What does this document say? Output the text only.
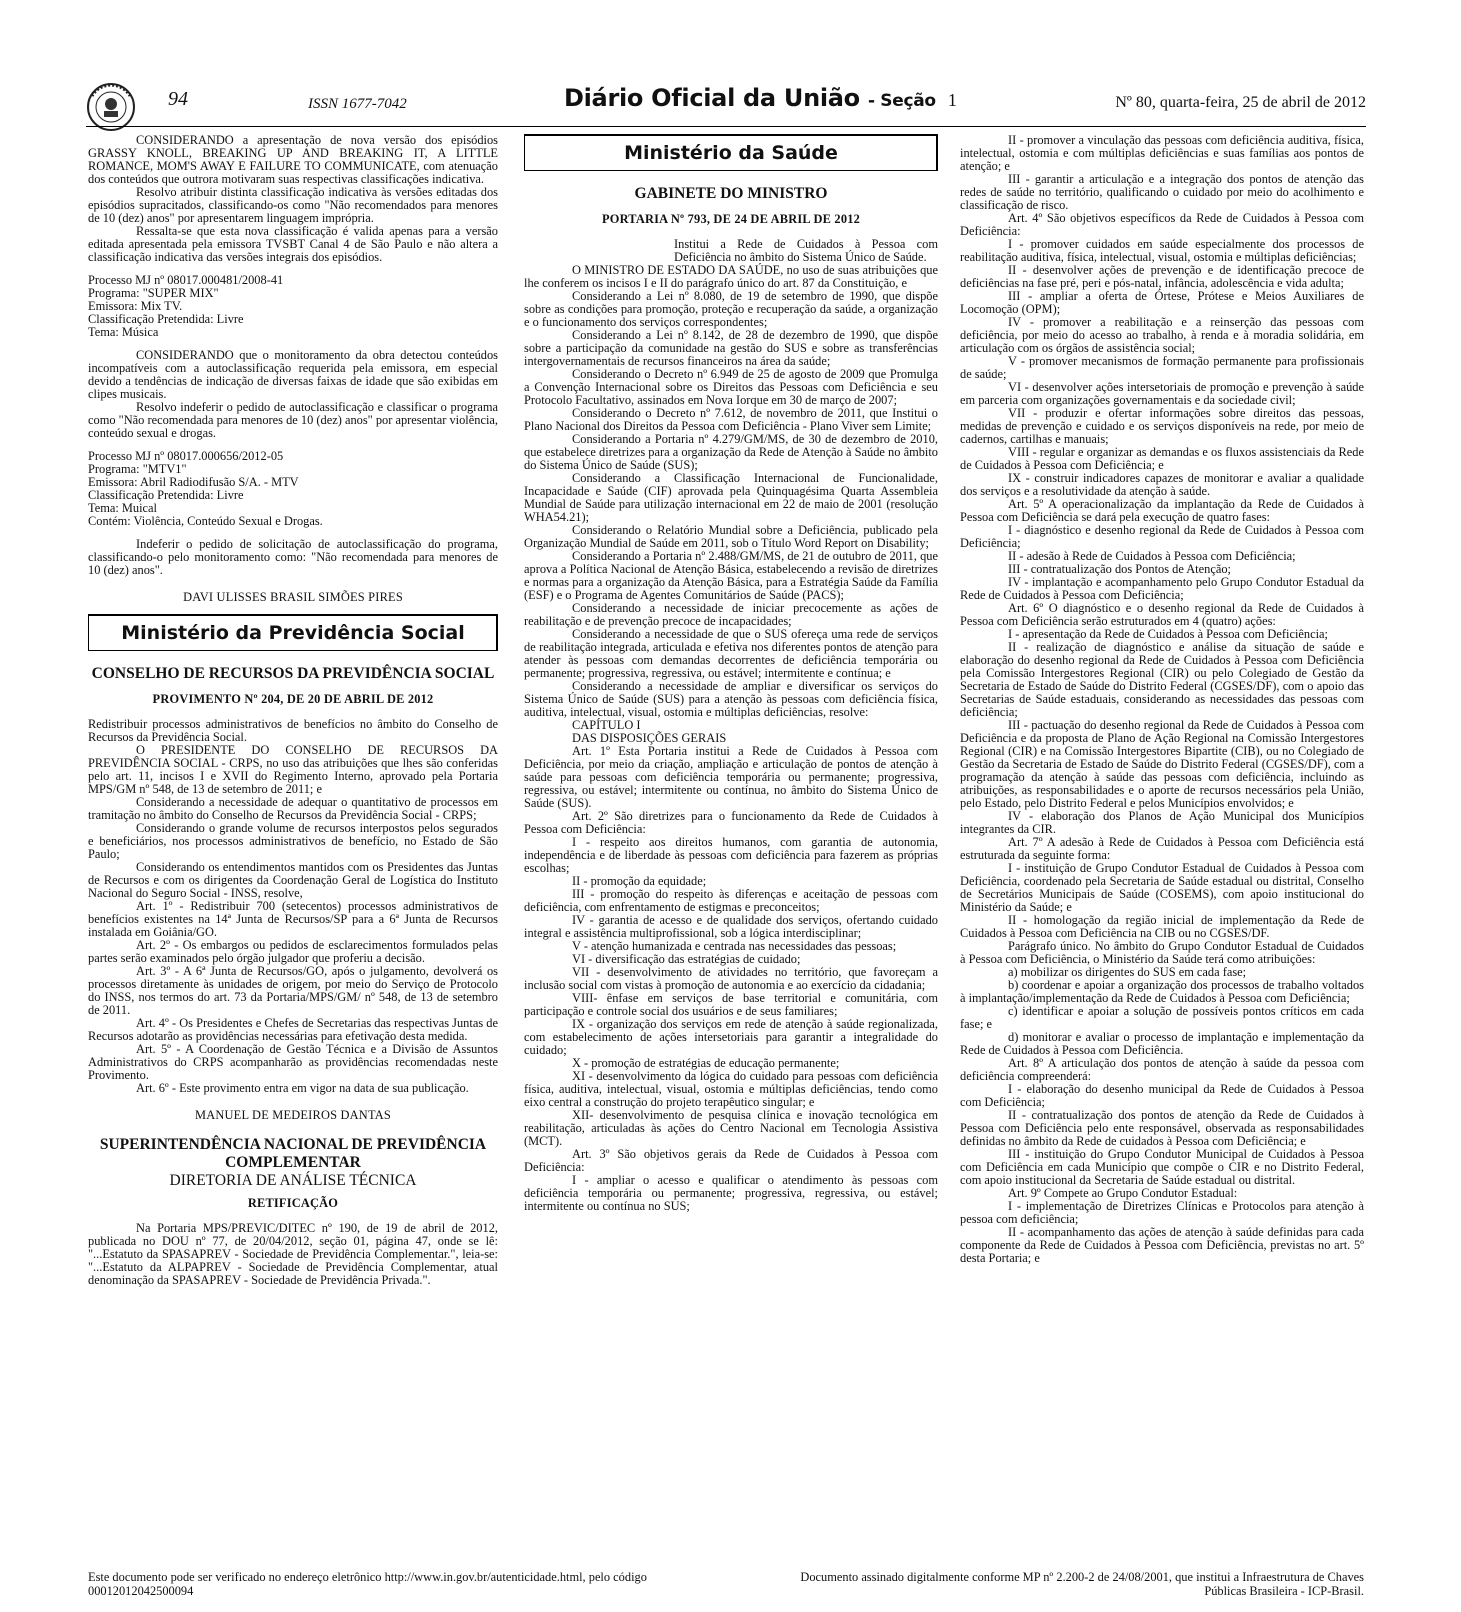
94	ISSN 1677-7042	Diário Oficial da União - Seção 1	Nº 80, quarta-feira, 25 de abril de 2012

CONSIDERANDO a apresentação de nova versão dos episódios GRASSY KNOLL, BREAKING UP AND BREAKING IT, A LITTLE ROMANCE, MOM'S AWAY E FAILURE TO COMMUNICATE, com atenuação dos conteúdos que outrora motivaram suas respectivas classificações indicativa.

Resolvo atribuir distinta classificação indicativa às versões editadas dos episódios supracitados, classificando-os como "Não recomendados para menores de 10 (dez) anos" por apresentarem linguagem imprópria.

Ressalta-se que esta nova classificação é valida apenas para a versão editada apresentada pela emissora TVSBT Canal 4 de São Paulo e não altera a classificação indicativa das versões integrais dos episódios.

Processo MJ nº 08017.000481/2008-41

Programa: "SUPER MIX"

Emissora: Mix TV.

Classificação Pretendida: Livre

Tema: Música

CONSIDERANDO que o monitoramento da obra detectou conteúdos incompatíveis com a autoclassificação requerida pela emissora, em especial devido a tendências de indicação de diversas faixas de idade que são exibidas em clipes musicais.

Resolvo indeferir o pedido de autoclassificação e classificar o programa como "Não recomendada para menores de 10 (dez) anos" por apresentar violência, conteúdo sexual e drogas.

Processo MJ nº 08017.000656/2012-05

Programa: "MTV1"

Emissora: Abril Radiodifusão S/A. - MTV

Classificação Pretendida: Livre

Tema: Muical

Contém: Violência, Conteúdo Sexual e Drogas.

Indeferir o pedido de solicitação de autoclassificação do programa, classificando-o pelo monitoramento como: "Não recomendada para menores de 10 (dez) anos".

DAVI ULISSES BRASIL SIMÕES PIRES
Ministério da Previdência Social
CONSELHO DE RECURSOS DA PREVIDÊNCIA SOCIAL
PROVIMENTO Nº 204, DE 20 DE ABRIL DE 2012

Redistribuir processos administrativos de benefícios no âmbito do Conselho de Recursos da Previdência Social.

O PRESIDENTE DO CONSELHO DE RECURSOS DA PREVIDÊNCIA SOCIAL - CRPS, no uso das atribuições que lhes são conferidas pelo art. 11, incisos I e XVII do Regimento Interno, aprovado pela Portaria MPS/GM nº 548, de 13 de setembro de 2011; e

Considerando a necessidade de adequar o quantitativo de processos em tramitação no âmbito do Conselho de Recursos da Previdência Social - CRPS;

Considerando o grande volume de recursos interpostos pelos segurados e beneficiários, nos processos administrativos de benefício, no Estado de São Paulo;

Considerando os entendimentos mantidos com os Presidentes das Juntas de Recursos e com os dirigentes da Coordenação Geral de Logística do Instituto Nacional do Seguro Social - INSS, resolve,

Art. 1º - Redistribuir 700 (setecentos) processos administrativos de benefícios existentes na 14ª Junta de Recursos/SP para a 6ª Junta de Recursos instalada em Goiânia/GO.

Art. 2º - Os embargos ou pedidos de esclarecimentos formulados pelas partes serão examinados pelo órgão julgador que proferiu a decisão.

Art. 3º - A 6ª Junta de Recursos/GO, após o julgamento, devolverá os processos diretamente às unidades de origem, por meio do Serviço de Protocolo do INSS, nos termos do art. 73 da Portaria/MPS/GM/ nº 548, de 13 de setembro de 2011.

Art. 4º - Os Presidentes e Chefes de Secretarias das respectivas Juntas de Recursos adotarão as providências necessárias para efetivação desta medida.

Art. 5º - A Coordenação de Gestão Técnica e a Divisão de Assuntos Administrativos do CRPS acompanharão as providências recomendadas neste Provimento.

Art. 6º - Este provimento entra em vigor na data de sua publicação.

MANUEL DE MEDEIROS DANTAS
SUPERINTENDÊNCIA NACIONAL DE PREVIDÊNCIA COMPLEMENTAR
DIRETORIA DE ANÁLISE TÉCNICA
RETIFICAÇÃO

Na Portaria MPS/PREVIC/DITEC nº 190, de 19 de abril de 2012, publicada no DOU nº 77, de 20/04/2012, seção 01, página 47, onde se lê: "...Estatuto da SPASAPREV - Sociedade de Previdência Complementar.", leia-se: "...Estatuto da ALPAPREV - Sociedade de Previdência Complementar, atual denominação da SPASAPREV - Sociedade de Previdência Privada.".

Ministério da Saúde
GABINETE DO MINISTRO
PORTARIA Nº 793, DE 24 DE ABRIL DE 2012

Institui a Rede de Cuidados à Pessoa com Deficiência no âmbito do Sistema Único de Saúde.

O MINISTRO DE ESTADO DA SAÚDE, no uso de suas atribuições que lhe conferem os incisos I e II do parágrafo único do art. 87 da Constituição, e

Considerando a Lei nº 8.080, de 19 de setembro de 1990, que dispõe sobre as condições para promoção, proteção e recuperação da saúde, a organização e o funcionamento dos serviços correspondentes;

Considerando a Lei nº 8.142, de 28 de dezembro de 1990, que dispõe sobre a participação da comunidade na gestão do SUS e sobre as transferências intergovernamentais de recursos financeiros na área da saúde;

Considerando o Decreto nº 6.949 de 25 de agosto de 2009 que Promulga a Convenção Internacional sobre os Direitos das Pessoas com Deficiência e seu Protocolo Facultativo, assinados em Nova Iorque em 30 de março de 2007;

Considerando o Decreto nº 7.612, de novembro de 2011, que Institui o Plano Nacional dos Direitos da Pessoa com Deficiência - Plano Viver sem Limite;

Considerando a Portaria nº 4.279/GM/MS, de 30 de dezembro de 2010, que estabelece diretrizes para a organização da Rede de Atenção à Saúde no âmbito do Sistema Único de Saúde (SUS);

Considerando a Classificação Internacional de Funcionalidade, Incapacidade e Saúde (CIF) aprovada pela Quinquagésima Quarta Assembleia Mundial de Saúde para utilização internacional em 22 de maio de 2001 (resolução WHA54.21);

Considerando o Relatório Mundial sobre a Deficiência, publicado pela Organização Mundial de Saúde em 2011, sob o Título Word Report on Disability;

Considerando a Portaria nº 2.488/GM/MS, de 21 de outubro de 2011, que aprova a Política Nacional de Atenção Básica, estabelecendo a revisão de diretrizes e normas para a organização da Atenção Básica, para a Estratégia Saúde da Família (ESF) e o Programa de Agentes Comunitários de Saúde (PACS);

Considerando a necessidade de iniciar precocemente as ações de reabilitação e de prevenção precoce de incapacidades;

Considerando a necessidade de que o SUS ofereça uma rede de serviços de reabilitação integrada, articulada e efetiva nos diferentes pontos de atenção para atender às pessoas com demandas decorrentes de deficiência temporária ou permanente; progressiva, regressiva, ou estável; intermitente e contínua; e

Considerando a necessidade de ampliar e diversificar os serviços do Sistema Único de Saúde (SUS) para a atenção às pessoas com deficiência física, auditiva, intelectual, visual, ostomia e múltiplas deficiências, resolve:

CAPÍTULO I

DAS DISPOSIÇÕES GERAIS

Art. 1º Esta Portaria institui a Rede de Cuidados à Pessoa com Deficiência, por meio da criação, ampliação e articulação de pontos de atenção à saúde para pessoas com deficiência temporária ou permanente; progressiva, regressiva, ou estável; intermitente ou contínua, no âmbito do Sistema Único de Saúde (SUS).

Art. 2º São diretrizes para o funcionamento da Rede de Cuidados à Pessoa com Deficiência:

I - respeito aos direitos humanos, com garantia de autonomia, independência e de liberdade às pessoas com deficiência para fazerem as próprias escolhas;

II - promoção da equidade;

III - promoção do respeito às diferenças e aceitação de pessoas com deficiência, com enfrentamento de estigmas e preconceitos;

IV - garantia de acesso e de qualidade dos serviços, ofertando cuidado integral e assistência multiprofissional, sob a lógica interdisciplinar;

V - atenção humanizada e centrada nas necessidades das pessoas;

VI - diversificação das estratégias de cuidado;

VII - desenvolvimento de atividades no território, que favoreçam a inclusão social com vistas à promoção de autonomia e ao exercício da cidadania;

VIII- ênfase em serviços de base territorial e comunitária, com participação e controle social dos usuários e de seus familiares;

IX - organização dos serviços em rede de atenção à saúde regionalizada, com estabelecimento de ações intersetoriais para garantir a integralidade do cuidado;

X - promoção de estratégias de educação permanente;

XI - desenvolvimento da lógica do cuidado para pessoas com deficiência física, auditiva, intelectual, visual, ostomia e múltiplas deficiências, tendo como eixo central a construção do projeto terapêutico singular; e

XII- desenvolvimento de pesquisa clínica e inovação tecnológica em reabilitação, articuladas às ações do Centro Nacional em Tecnologia Assistiva (MCT).

Art. 3º São objetivos gerais da Rede de Cuidados à Pessoa com Deficiência:

I - ampliar o acesso e qualificar o atendimento às pessoas com deficiência temporária ou permanente; progressiva, regressiva, ou estável; intermitente ou contínua no SUS;

II - promover a vinculação das pessoas com deficiência auditiva, física, intelectual, ostomia e com múltiplas deficiências e suas famílias aos pontos de atenção; e

III - garantir a articulação e a integração dos pontos de atenção das redes de saúde no território, qualificando o cuidado por meio do acolhimento e classificação de risco.

Art. 4º São objetivos específicos da Rede de Cuidados à Pessoa com Deficiência:

I - promover cuidados em saúde especialmente dos processos de reabilitação auditiva, física, intelectual, visual, ostomia e múltiplas deficiências;

II - desenvolver ações de prevenção e de identificação precoce de deficiências na fase pré, peri e pós-natal, infância, adolescência e vida adulta;

III - ampliar a oferta de Órtese, Prótese e Meios Auxiliares de Locomoção (OPM);

IV - promover a reabilitação e a reinserção das pessoas com deficiência, por meio do acesso ao trabalho, à renda e à moradia solidária, em articulação com os órgãos de assistência social;

V - promover mecanismos de formação permanente para profissionais de saúde;

VI - desenvolver ações intersetoriais de promoção e prevenção à saúde em parceria com organizações governamentais e da sociedade civil;

VII - produzir e ofertar informações sobre direitos das pessoas, medidas de prevenção e cuidado e os serviços disponíveis na rede, por meio de cadernos, cartilhas e manuais;

VIII - regular e organizar as demandas e os fluxos assistenciais da Rede de Cuidados à Pessoa com Deficiência; e

IX - construir indicadores capazes de monitorar e avaliar a qualidade dos serviços e a resolutividade da atenção à saúde.

Art. 5º A operacionalização da implantação da Rede de Cuidados à Pessoa com Deficiência se dará pela execução de quatro fases:

I - diagnóstico e desenho regional da Rede de Cuidados à Pessoa com Deficiência;

II - adesão à Rede de Cuidados à Pessoa com Deficiência;

III - contratualização dos Pontos de Atenção;

IV - implantação e acompanhamento pelo Grupo Condutor Estadual da Rede de Cuidados à Pessoa com Deficiência;

Art. 6º O diagnóstico e o desenho regional da Rede de Cuidados à Pessoa com Deficiência serão estruturados em 4 (quatro) ações:

I - apresentação da Rede de Cuidados à Pessoa com Deficiência;

II - realização de diagnóstico e análise da situação de saúde e elaboração do desenho regional da Rede de Cuidados à Pessoa com Deficiência pela Comissão Intergestores Regional (CIR) ou pelo Colegiado de Gestão da Secretaria de Estado de Saúde do Distrito Federal (CGSES/DF), com o apoio das Secretarias de Saúde estaduais, considerando as necessidades das pessoas com deficiência;

III - pactuação do desenho regional da Rede de Cuidados à Pessoa com Deficiência e da proposta de Plano de Ação Regional na Comissão Intergestores Regional (CIR) e na Comissão Intergestores Bipartite (CIB), ou no Colegiado de Gestão da Secretaria de Estado de Saúde do Distrito Federal (CGSES/DF), com a programação da atenção à saúde das pessoas com deficiência, incluindo as atribuições, as responsabilidades e o aporte de recursos necessários pela União, pelo Estado, pelo Distrito Federal e pelos Municípios envolvidos; e

IV - elaboração dos Planos de Ação Municipal dos Municípios integrantes da CIR.

Art. 7º A adesão à Rede de Cuidados à Pessoa com Deficiência está estruturada da seguinte forma:

I - instituição de Grupo Condutor Estadual de Cuidados à Pessoa com Deficiência, coordenado pela Secretaria de Saúde estadual ou distrital, Conselho de Secretários Municipais de Saúde (COSEMS), com apoio institucional do Ministério da Saúde; e

II - homologação da região inicial de implementação da Rede de Cuidados à Pessoa com Deficiência na CIB ou no CGSES/DF.

Parágrafo único. No âmbito do Grupo Condutor Estadual de Cuidados à Pessoa com Deficiência, o Ministério da Saúde terá como atribuições:

a) mobilizar os dirigentes do SUS em cada fase;

b) coordenar e apoiar a organização dos processos de trabalho voltados à implantação/implementação da Rede de Cuidados à Pessoa com Deficiência;

c) identificar e apoiar a solução de possíveis pontos críticos em cada fase; e

d) monitorar e avaliar o processo de implantação e implementação da Rede de Cuidados à Pessoa com Deficiência.

Art. 8º A articulação dos pontos de atenção à saúde da pessoa com deficiência compreenderá:

I - elaboração do desenho municipal da Rede de Cuidados à Pessoa com Deficiência;

II - contratualização dos pontos de atenção da Rede de Cuidados à Pessoa com Deficiência pelo ente responsável, observada as responsabilidades definidas no âmbito da Rede de cuidados à Pessoa com Deficiência; e

III - instituição do Grupo Condutor Municipal de Cuidados à Pessoa com Deficiência em cada Município que compõe o CIR e no Distrito Federal, com apoio institucional da Secretaria de Saúde estadual ou distrital.

Art. 9º Compete ao Grupo Condutor Estadual:

I - implementação de Diretrizes Clínicas e Protocolos para atenção à pessoa com deficiência;

II - acompanhamento das ações de atenção à saúde definidas para cada componente da Rede de Cuidados à Pessoa com Deficiência, previstas no art. 5º desta Portaria; e

Este documento pode ser verificado no endereço eletrônico http://www.in.gov.br/autenticidade.html, pelo código 00012012042500094
Documento assinado digitalmente conforme MP nº 2.200-2 de 24/08/2001, que institui a Infraestrutura de Chaves Públicas Brasileira - ICP-Brasil.
